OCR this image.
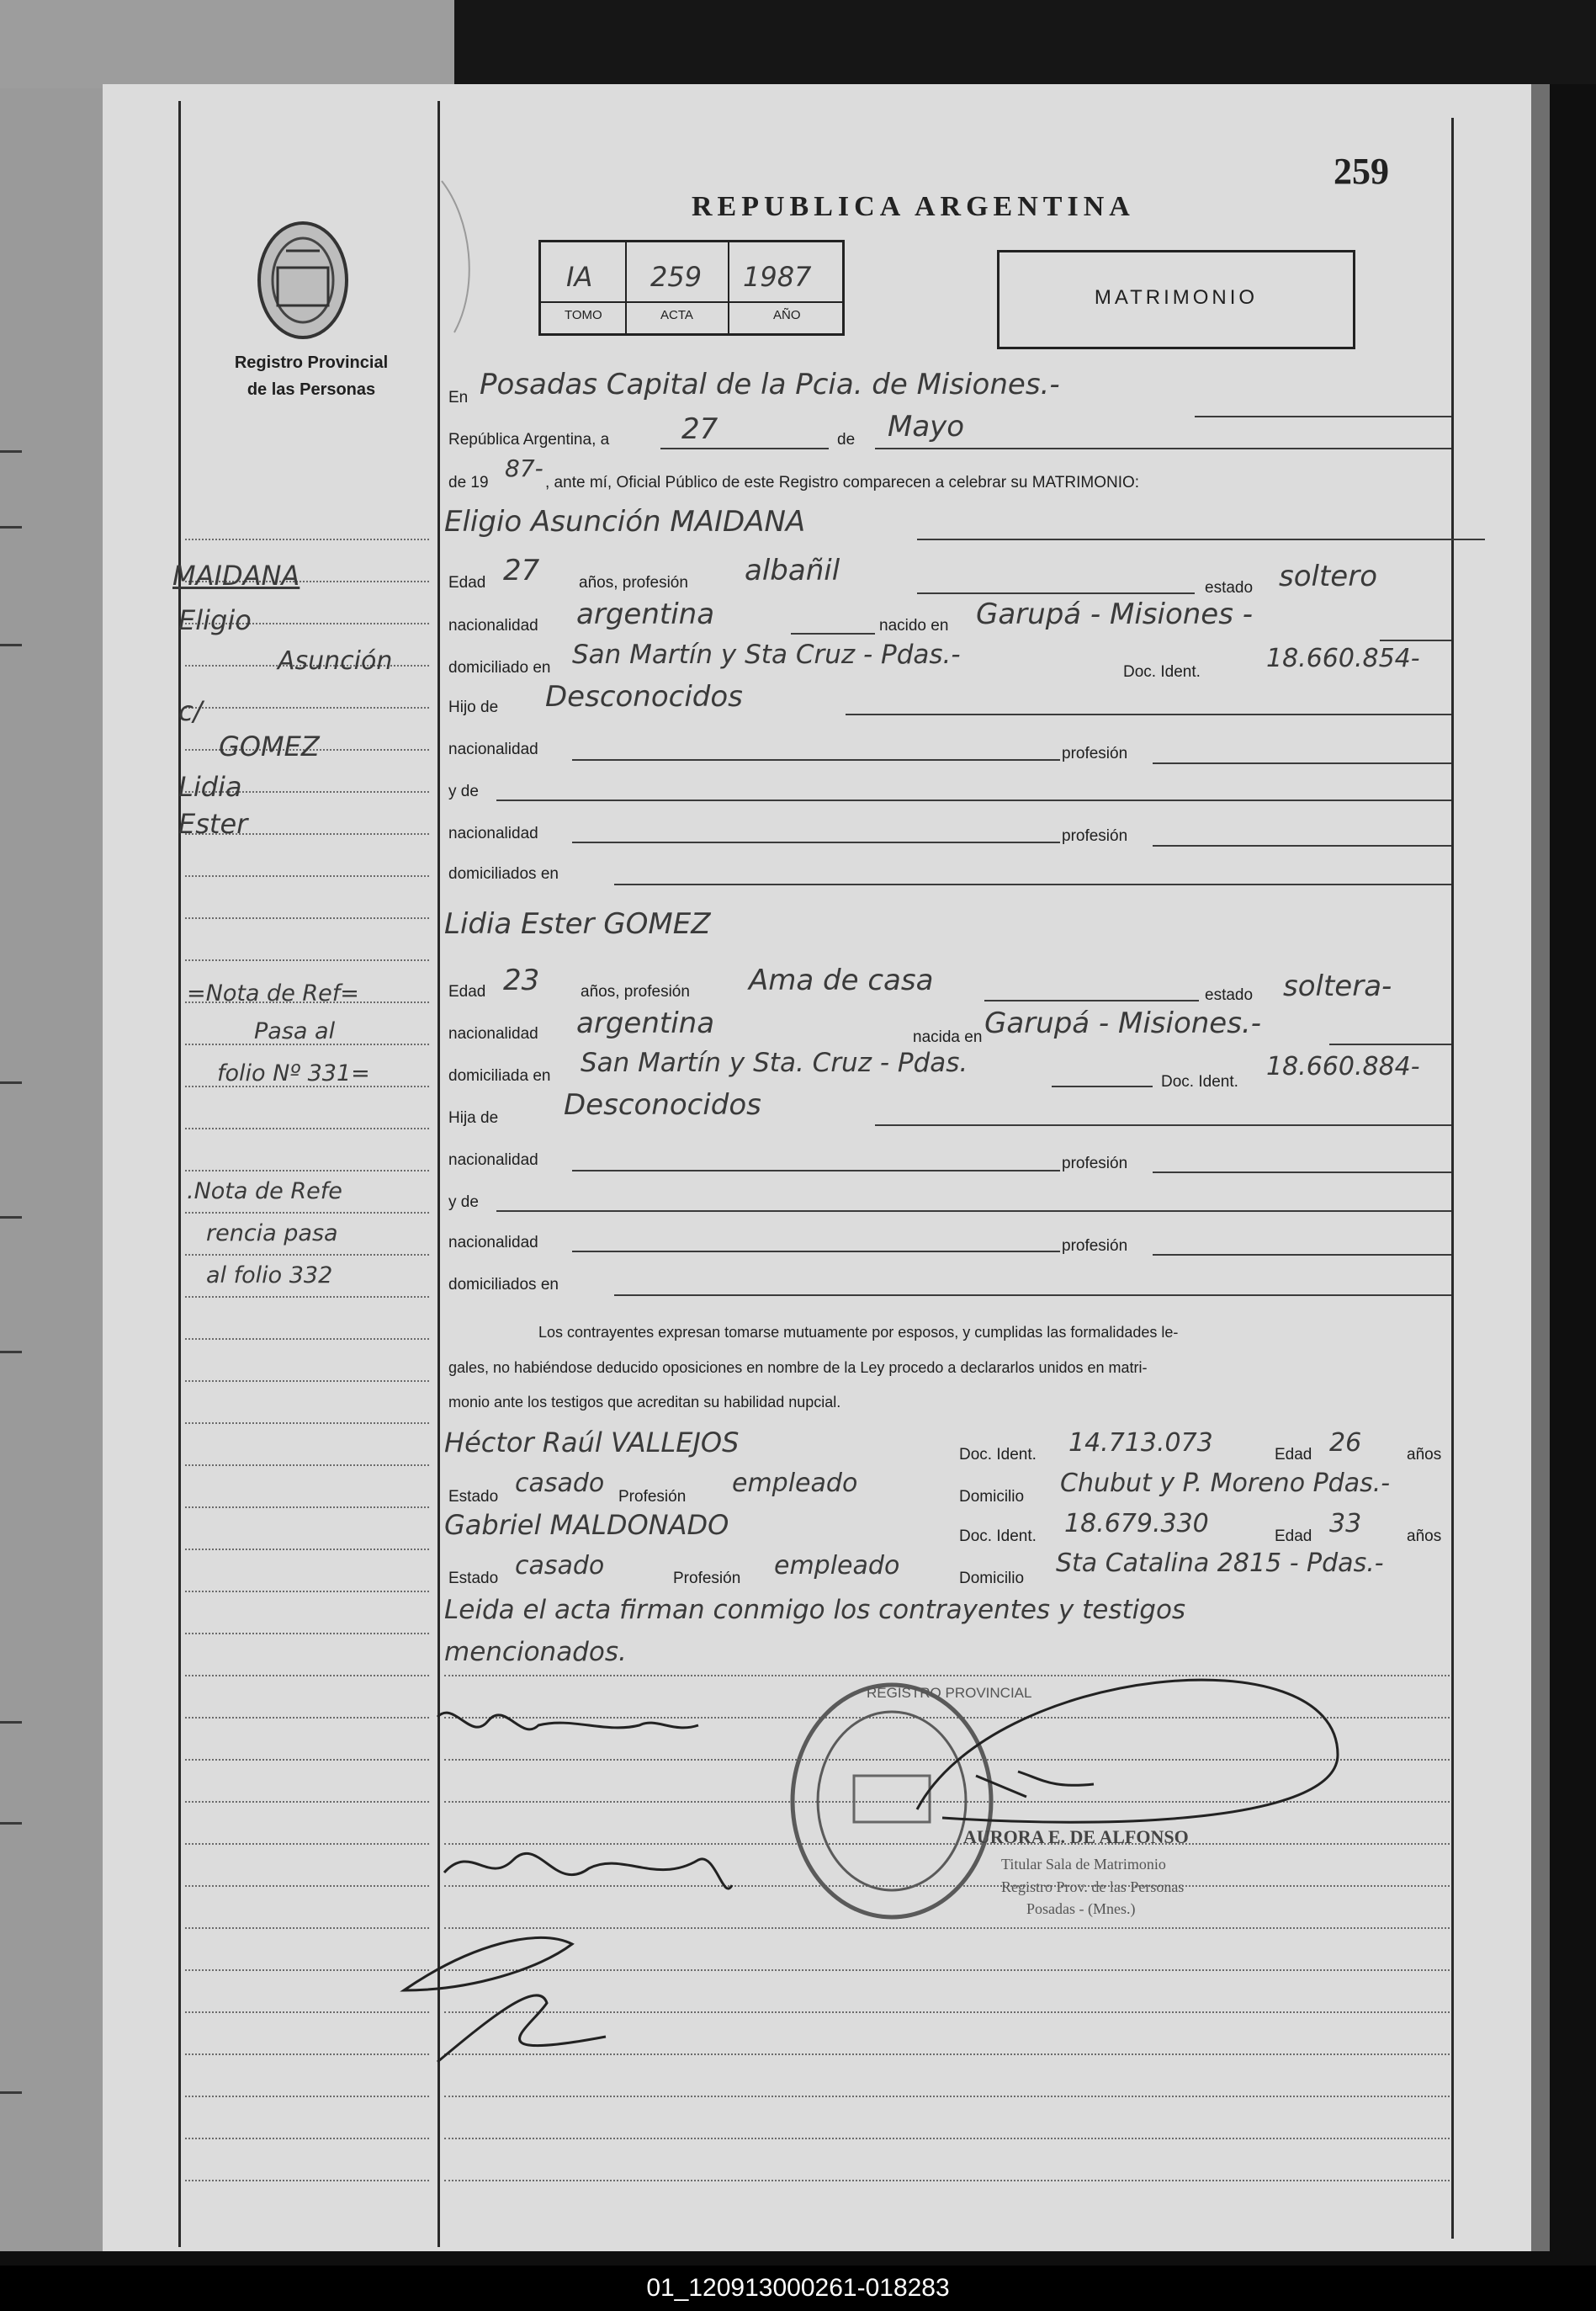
259
REPUBLICA ARGENTINA
IA 259 1987
TOMO	ACTA	AÑO
MATRIMONIO
Registro Provincial
de las Personas
MAIDANA
Eligio
Asunción
c/
GOMEZ
Lidia
Ester
=Nota de Ref=
Pasa al
folio Nº 331=
.Nota de Refe
rencia pasa
al folio 332
En Posadas Capital de la Pcia. de Misiones.-
República Argentina, a	27	de Mayo
de 19
87-
, ante mí, Oficial Público de este Registro comparecen a celebrar su MATRIMONIO:
Eligio Asunción MAIDANA
Edad 27 años, profesión albañil
estado soltero
nacionalidad argentina	nacido en Garupá - Misiones -
domiciliado en San Martín y Sta Cruz - Pdas.-
Doc. Ident.	18.660.854-
Hijo de Desconocidos
nacionalidad	profesión
y de
nacionalidad	profesión
domiciliados en
Lidia Ester GOMEZ
Edad 23	años, profesión Ama de casa	estado soltera-
nacionalidad argentina	nacida en Garupá - Misiones.-
domiciliada en San Martín y Sta. Cruz - Pdas.
Doc. Ident.
18.660.884-
Hija de Desconocidos
nacionalidad	profesión
y de
nacionalidad	profesión
domiciliados en
Los contrayentes expresan tomarse mutuamente por esposos, y cumplidas las formalidades le-
gales, no habiéndose deducido oposiciones en nombre de la Ley procedo a declararlos unidos en matri-
monio ante los testigos que acreditan su habilidad nupcial.
Héctor Raúl VALLEJOS	Doc. Ident. 14.713.073	Edad 26	años
Estado casado Profesión empleado	Domicilio Chubut y P. Moreno Pdas.-
Gabriel MALDONADO	Doc. Ident. 18.679.330	Edad 33	años
Estado casado	Profesión empleado	Domicilio
Sta Catalina 2815 - Pdas.-
Leida el acta firman conmigo los contrayentes y testigos
mencionados.
REGISTRO PROVINCIAL
AURORA E. DE ALFONSO
Titular Sala de Matrimonio
Registro Prov. de las Personas
Posadas - (Mnes.)
01_120913000261-018283
